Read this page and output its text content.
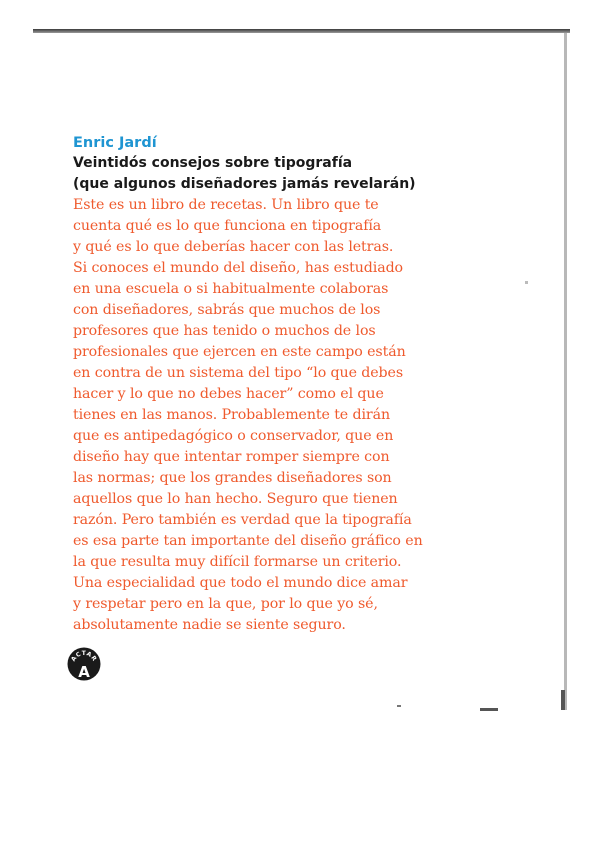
Enric Jardí
Veintidós consejos sobre tipografía
(que algunos diseñadores jamás revelarán)

Este es un libro de recetas. Un libro que te
cuenta qué es lo que funciona en tipografía
y qué es lo que deberías hacer con las letras.
Si conoces el mundo del diseño, has estudiado
en una escuela o si habitualmente colaboras
con diseñadores, sabrás que muchos de los
profesores que has tenido o muchos de los
profesionales que ejercen en este campo están
en contra de un sistema del tipo “lo que debes
hacer y lo que no debes hacer” como el que
tienes en las manos. Probablemente te dirán
que es antipedagógico o conservador, que en
diseño hay que intentar romper siempre con
las normas; que los grandes diseñadores son
aquellos que lo han hecho. Seguro que tienen
razón. Pero también es verdad que la tipografía
es esa parte tan importante del diseño gráfico en
la que resulta muy difícil formarse un criterio.
Una especialidad que todo el mundo dice amar
y respetar pero en la que, por lo que yo sé,
absolutamente nadie se siente seguro.

ACTAR
A
